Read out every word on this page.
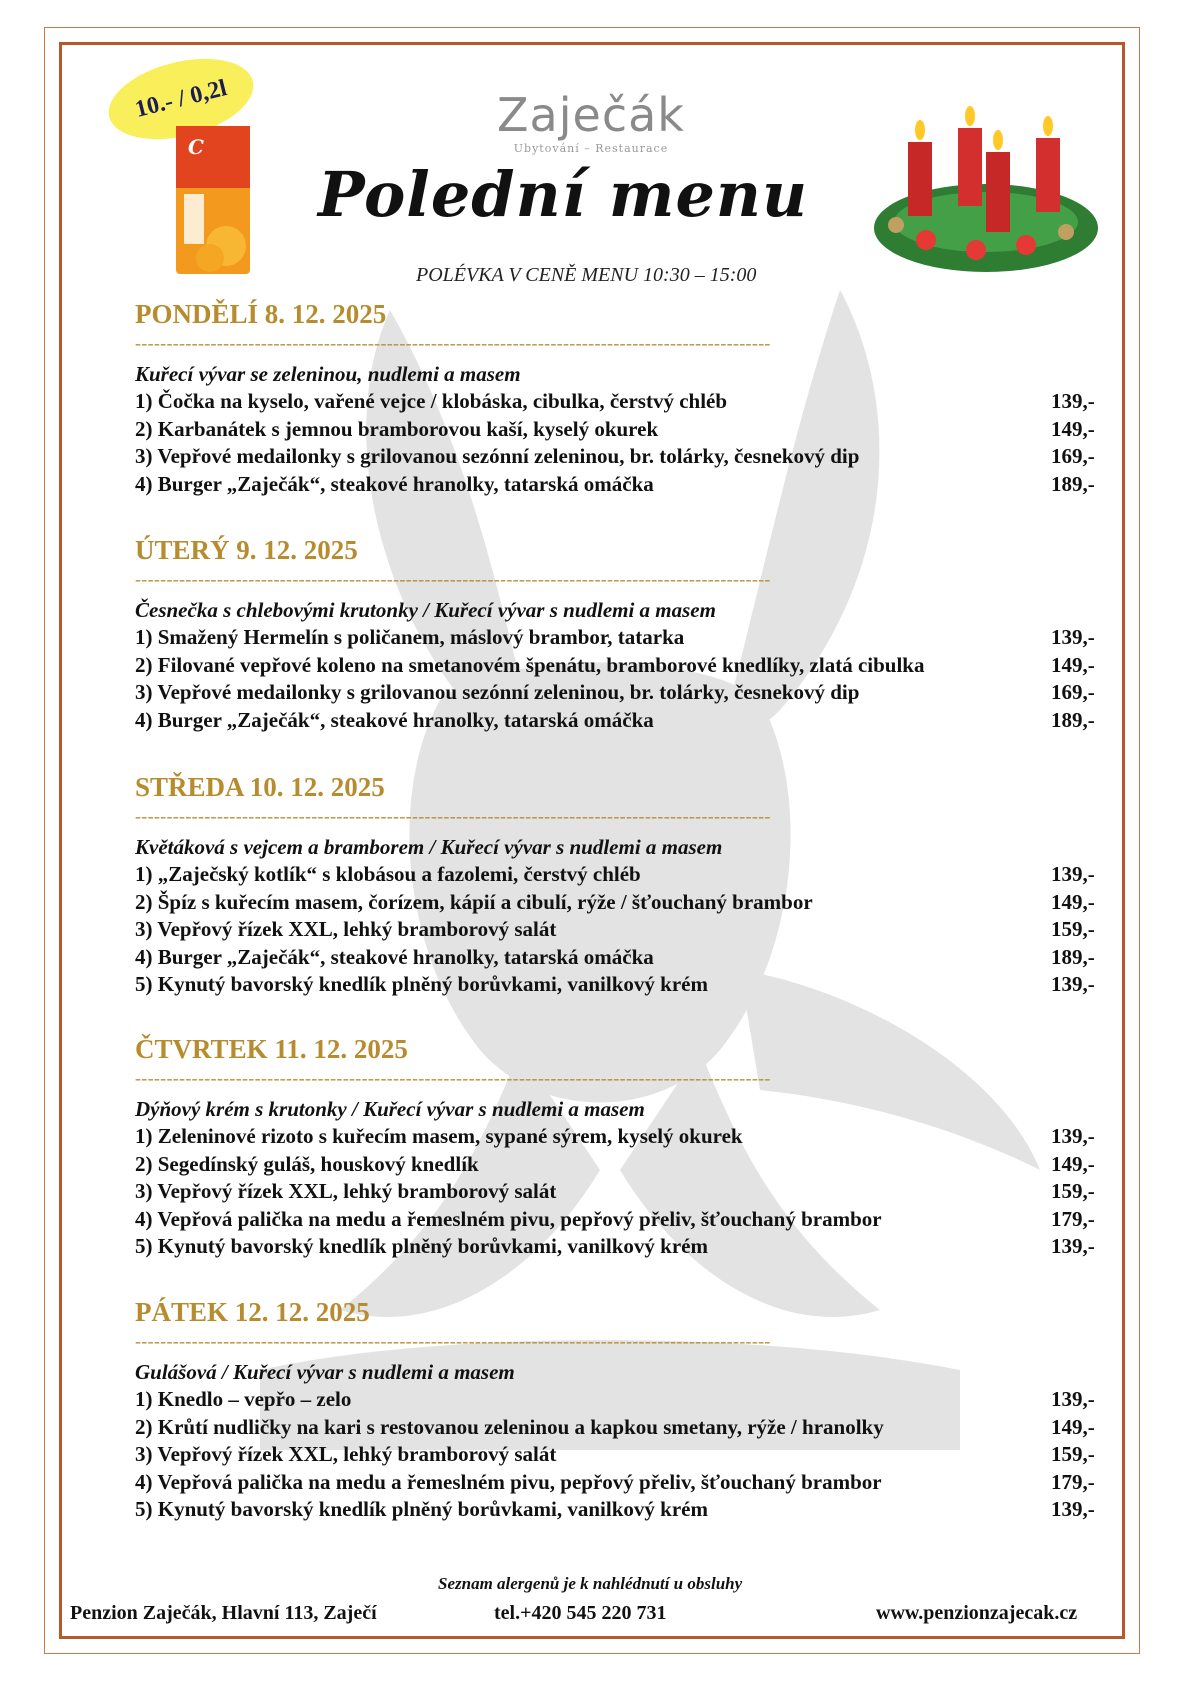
10.- / 0,2l
C
Zaječák
Ubytování – Restaurace
Polední menu
POLÉVKA V CENĚ MENU 10:30 – 15:00
PONDĚLÍ 8. 12. 2025
-----------------------------------------------------------------------------------------------------
Kuřecí vývar se zeleninou, nudlemi a masem
1) Čočka na kyselo, vařené vejce / klobáska, cibulka, čerstvý chléb	139,-
2) Karbanátek s jemnou bramborovou kaší, kyselý okurek	149,-
3) Vepřové medailonky s grilovanou sezónní zeleninou, br. tolárky, česnekový dip	169,-
4) Burger „Zaječák“, steakové hranolky, tatarská omáčka	189,-
ÚTERÝ 9. 12. 2025
-----------------------------------------------------------------------------------------------------
Česnečka s chlebovými krutonky / Kuřecí vývar s nudlemi a masem
1) Smažený Hermelín s poličanem, máslový brambor, tatarka	139,-
2) Filované vepřové koleno na smetanovém špenátu, bramborové knedlíky, zlatá cibulka	149,-
3) Vepřové medailonky s grilovanou sezónní zeleninou, br. tolárky, česnekový dip	169,-
4) Burger „Zaječák“, steakové hranolky, tatarská omáčka	189,-
STŘEDA 10. 12. 2025
-----------------------------------------------------------------------------------------------------
Květáková s vejcem a bramborem / Kuřecí vývar s nudlemi a masem
1) „Zaječský kotlík“ s klobásou a fazolemi, čerstvý chléb	139,-
2) Špíz s kuřecím masem, čorízem, kápií a cibulí, rýže / šťouchaný brambor	149,-
3) Vepřový řízek XXL, lehký bramborový salát	159,-
4) Burger „Zaječák“, steakové hranolky, tatarská omáčka	189,-
5) Kynutý bavorský knedlík plněný borůvkami, vanilkový krém	139,-
ČTVRTEK 11. 12. 2025
-----------------------------------------------------------------------------------------------------
Dýňový krém s krutonky / Kuřecí vývar s nudlemi a masem
1) Zeleninové rizoto s kuřecím masem, sypané sýrem, kyselý okurek	139,-
2) Segedínský guláš, houskový knedlík	149,-
3) Vepřový řízek XXL, lehký bramborový salát	159,-
4) Vepřová palička na medu a řemeslném pivu, pepřový přeliv, šťouchaný brambor	179,-
5) Kynutý bavorský knedlík plněný borůvkami, vanilkový krém	139,-
PÁTEK 12. 12. 2025
-----------------------------------------------------------------------------------------------------
Gulášová / Kuřecí vývar s nudlemi a masem
1) Knedlo – vepřo – zelo	139,-
2) Krůtí nudličky na kari s restovanou zeleninou a kapkou smetany, rýže / hranolky	149,-
3) Vepřový řízek XXL, lehký bramborový salát	159,-
4) Vepřová palička na medu a řemeslném pivu, pepřový přeliv, šťouchaný brambor	179,-
5) Kynutý bavorský knedlík plněný borůvkami, vanilkový krém	139,-
Seznam alergenů je k nahlédnutí u obsluhy
Penzion Zaječák, Hlavní 113, Zaječí	tel.+420 545 220 731	www.penzionzajecak.cz
